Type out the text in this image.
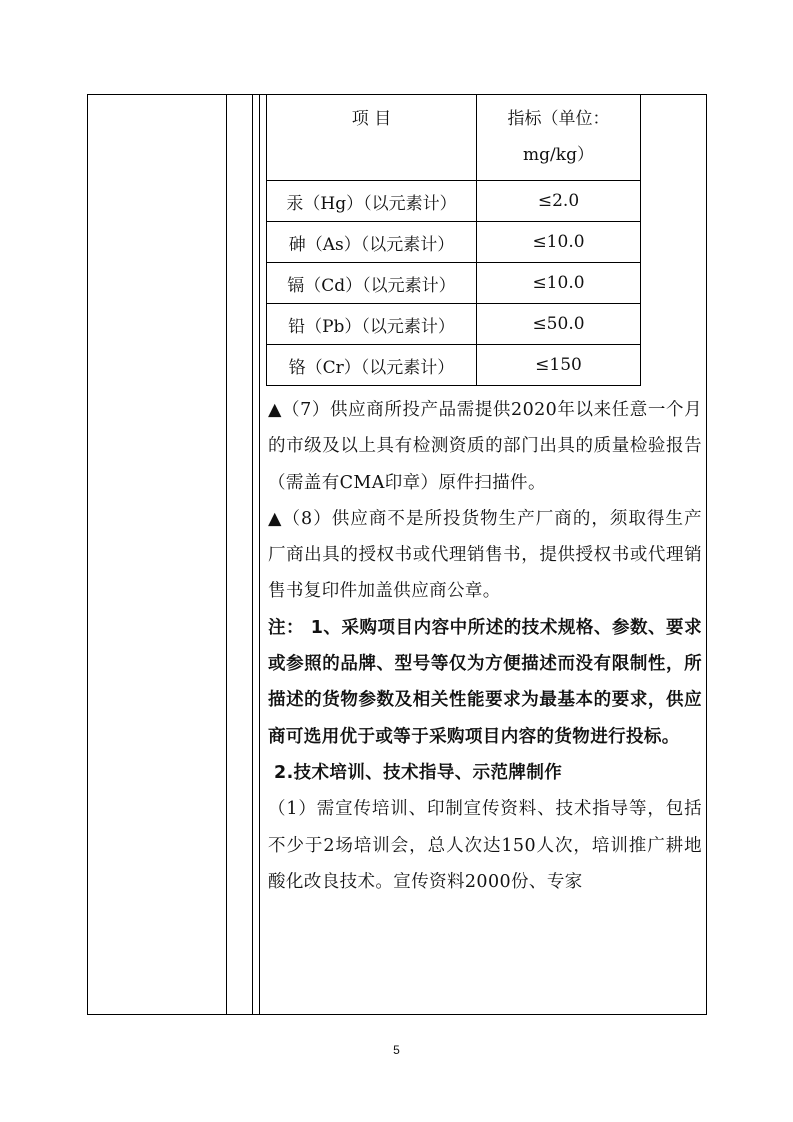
项 目	指标（单位：
mg/kg）

汞（Hg）（以元素计）	≤2.0
砷（As）（以元素计）	≤10.0
镉（Cd）（以元素计）	≤10.0
铅（Pb）（以元素计）	≤50.0
铬（Cr）（以元素计）	≤150

▲（7）供应商所投产品需提供2020年以来任意一个月的市级及以上具有检测资质的部门出具的质量检验报告（需盖有CMA印章）原件扫描件。

▲（8）供应商不是所投货物生产厂商的，须取得生产厂商出具的授权书或代理销售书，提供授权书或代理销售书复印件加盖供应商公章。

注： 1、采购项目内容中所述的技术规格、参数、要求或参照的品牌、型号等仅为方便描述而没有限制性，所描述的货物参数及相关性能要求为最基本的要求，供应商可选用优于或等于采购项目内容的货物进行投标。

2.技术培训、技术指导、示范牌制作

（1）需宣传培训、印制宣传资料、技术指导等，包括不少于2场培训会，总人次达150人次，培训推广耕地酸化改良技术。宣传资料2000份、专家

5
